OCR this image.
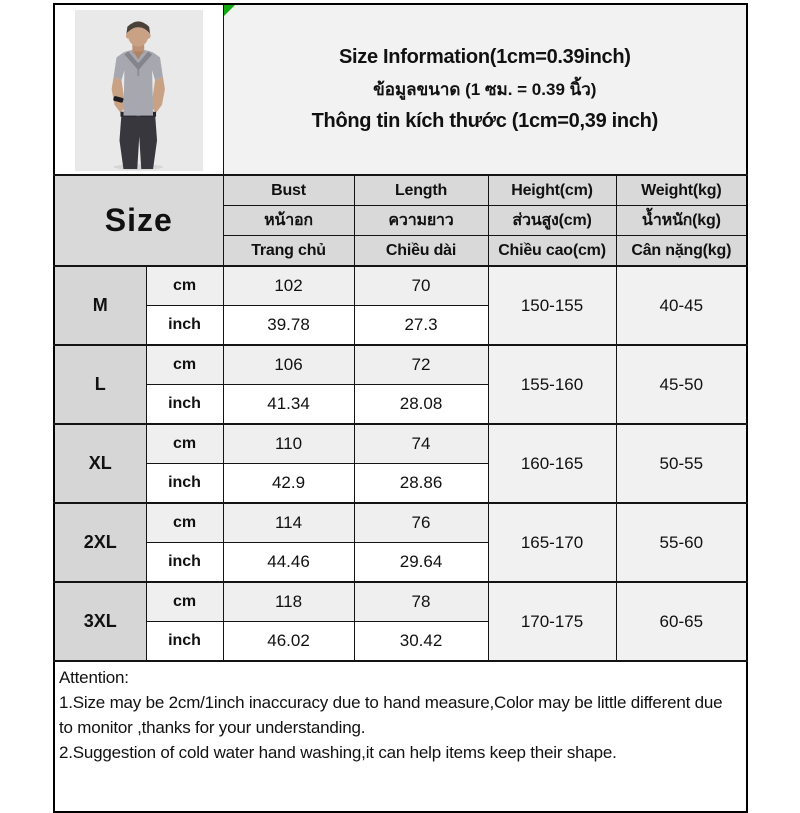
Size Information(1cm=0.39inch)
ข้อมูลขนาด (1 ซม. = 0.39 นิ้ว)
Thông tin kích thước (1cm=0,39 inch)			

Size		Bust	Length	Height(cm)	Weight(kg)
		หน้าอก	ความยาว	ส่วนสูง(cm)	น้ำหนัก(kg)
		Trang chủ	Chiều dài	Chiều cao(cm)	Cân nặng(kg)
M	cm	102	70	150-155	40-45
	inch	39.78	27.3		
L	cm	106	72	155-160	45-50
	inch	41.34	28.08		
XL	cm	110	74	160-165	50-55
	inch	42.9	28.86		
2XL	cm	114	76	165-170	55-60
	inch	44.46	29.64		
3XL	cm	118	78	170-175	60-65
	inch	46.02	30.42		

Attention:
1.Size may be 2cm/1inch inaccuracy due to hand measure,Color may be little different due to monitor ,thanks for your understanding.
2.Suggestion of cold water hand washing,it can help items keep their shape.					
